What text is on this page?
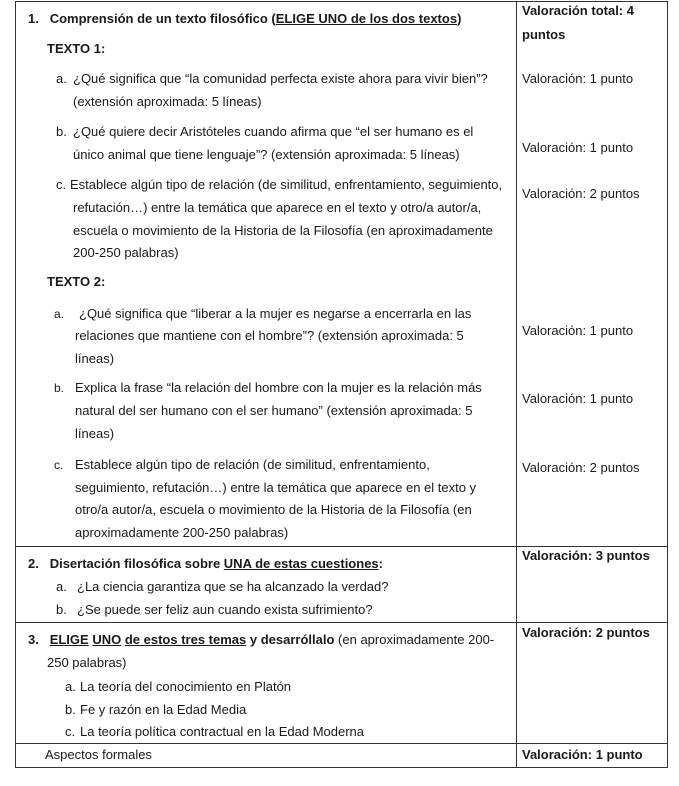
1. Comprensión de un texto filosófico (ELIGE UNO de los dos textos)
Valoración total: 4
puntos
TEXTO 1:
a. ¿Qué significa que “la comunidad perfecta existe ahora para vivir bien”?
(extensión aproximada: 5 líneas)
Valoración: 1 punto
b. ¿Qué quiere decir Aristóteles cuando afirma que “el ser humano es el
único animal que tiene lenguaje”? (extensión aproximada: 5 líneas)	Valoración: 1 punto
c. Establece algún tipo de relación (de similitud, enfrentamiento, seguimiento,
refutación…) entre la temática que aparece en el texto y otro/a autor/a,
escuela o movimiento de la Historia de la Filosofía (en aproximadamente
200-250 palabras)
Valoración: 2 puntos
TEXTO 2:
a. ¿Qué significa que “liberar a la mujer es negarse a encerrarla en las
relaciones que mantiene con el hombre”? (extensión aproximada: 5
líneas)
Valoración: 1 punto
b. Explica la frase “la relación del hombre con la mujer es la relación más
natural del ser humano con el ser humano” (extensión aproximada: 5
líneas)
Valoración: 1 punto
c. Establece algún tipo de relación (de similitud, enfrentamiento,
seguimiento, refutación…) entre la temática que aparece en el texto y
otro/a autor/a, escuela o movimiento de la Historia de la Filosofía (en
aproximadamente 200-250 palabras)
Valoración: 2 puntos
2. Disertación filosófica sobre UNA de estas cuestiones:
Valoración: 3 puntos
a. ¿La ciencia garantiza que se ha alcanzado la verdad?
b. ¿Se puede ser feliz aun cuando exista sufrimiento?
3. ELIGE UNO de estos tres temas y desarróllalo (en aproximadamente 200-
250 palabras)
Valoración: 2 puntos
a. La teoría del conocimiento en Platón
b. Fe y razón en la Edad Media
c. La teoría política contractual en la Edad Moderna
Aspectos formales	Valoración: 1 punto
